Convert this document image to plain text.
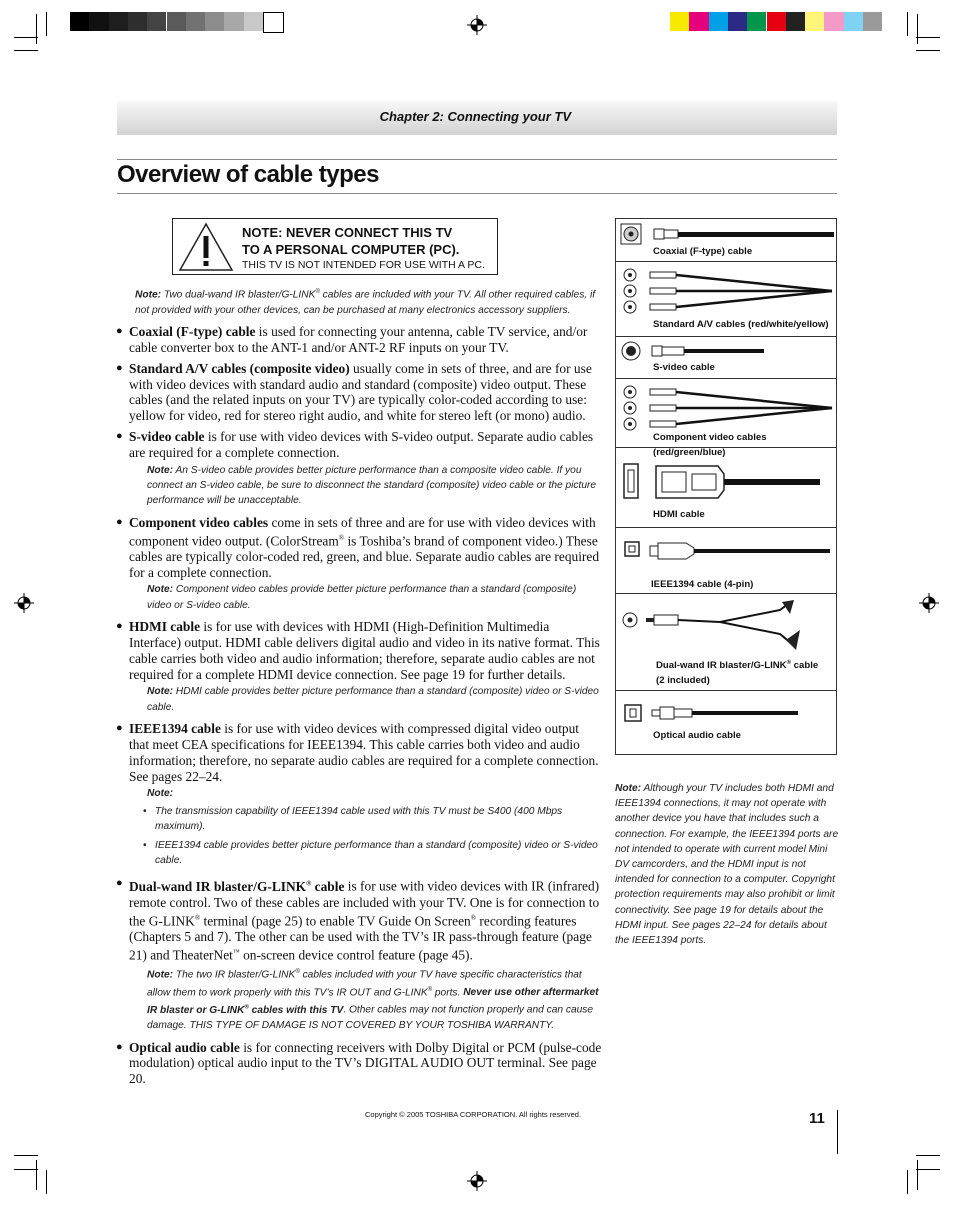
Chapter 2: Connecting your TV
Overview of cable types
NOTE: NEVER CONNECT THIS TV
TO A PERSONAL COMPUTER (PC).
THIS TV IS NOT INTENDED FOR USE WITH A PC.
Note: Two dual-wand IR blaster/G-LINK® cables are included with your TV. All other required cables, if not provided with your other devices, can be purchased at many electronics accessory suppliers.
● Coaxial (F-type) cable is used for connecting your antenna, cable TV service, and/or cable converter box to the ANT-1 and/or ANT-2 RF inputs on your TV.
● Standard A/V cables (composite video) usually come in sets of three, and are for use with video devices with standard audio and standard (composite) video output. These cables (and the related inputs on your TV) are typically color-coded according to use: yellow for video, red for stereo right audio, and white for stereo left (or mono) audio.
● S-video cable is for use with video devices with S-video output. Separate audio cables are required for a complete connection.
Note: An S-video cable provides better picture performance than a composite video cable. If you connect an S-video cable, be sure to disconnect the standard (composite) video cable or the picture performance will be unacceptable.
● Component video cables come in sets of three and are for use with video devices with component video output. (ColorStream® is Toshiba’s brand of component video.) These cables are typically color-coded red, green, and blue. Separate audio cables are required for a complete connection.
Note: Component video cables provide better picture performance than a standard (composite) video or S-video cable.
● HDMI cable is for use with devices with HDMI (High-Definition Multimedia Interface) output. HDMI cable delivers digital audio and video in its native format. This cable carries both video and audio information; therefore, separate audio cables are not required for a complete HDMI device connection. See page 19 for further details.
Note: HDMI cable provides better picture performance than a standard (composite) video or S-video cable.
● IEEE1394 cable is for use with video devices with compressed digital video output that meet CEA specifications for IEEE1394. This cable carries both video and audio information; therefore, no separate audio cables are required for a complete connection. See pages 22–24.
Note:
• The transmission capability of IEEE1394 cable used with this TV must be S400 (400 Mbps maximum).
• IEEE1394 cable provides better picture performance than a standard (composite) video or S-video cable.
● Dual-wand IR blaster/G-LINK® cable is for use with video devices with IR (infrared) remote control. Two of these cables are included with your TV. One is for connection to the G-LINK® terminal (page 25) to enable TV Guide On Screen® recording features (Chapters 5 and 7). The other can be used with the TV’s IR pass-through feature (page 21) and TheaterNet™ on-screen device control feature (page 45).
Note: The two IR blaster/G-LINK® cables included with your TV have specific characteristics that allow them to work properly with this TV’s IR OUT and G-LINK® ports. Never use other aftermarket IR blaster or G-LINK® cables with this TV. Other cables may not function properly and can cause damage. THIS TYPE OF DAMAGE IS NOT COVERED BY YOUR TOSHIBA WARRANTY.
● Optical audio cable is for connecting receivers with Dolby Digital or PCM (pulse-code modulation) optical audio input to the TV’s DIGITAL AUDIO OUT terminal. See page 20.
Coaxial (F-type) cable
Standard A/V cables (red/white/yellow)
S-video cable
Component video cables (red/green/blue)
HDMI cable
IEEE1394 cable (4-pin)
Dual-wand IR blaster/G-LINK® cable
(2 included)
Optical audio cable
Note: Although your TV includes both HDMI and IEEE1394 connections, it may not operate with another device you have that includes such a connection. For example, the IEEE1394 ports are not intended to operate with current model Mini DV camcorders, and the HDMI input is not intended for connection to a computer. Copyright protection requirements may also prohibit or limit connectivity. See page 19 for details about the HDMI input. See pages 22–24 for details about the IEEE1394 ports.
Copyright © 2005 TOSHIBA CORPORATION. All rights reserved.	11
